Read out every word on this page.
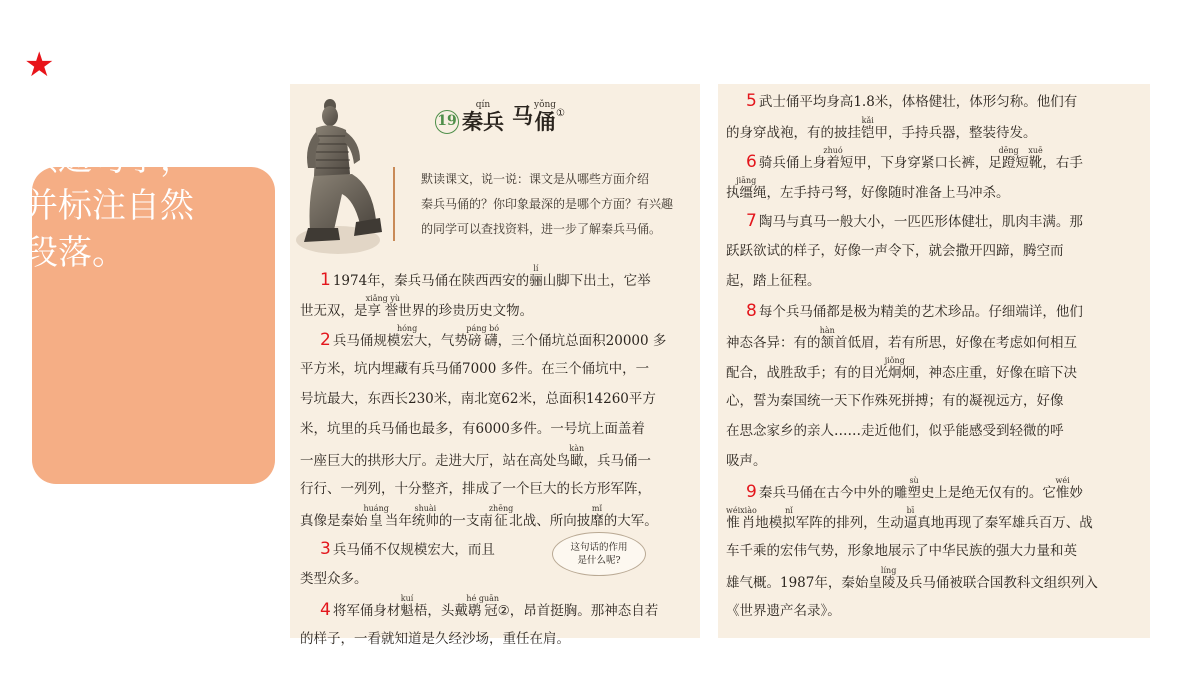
★默读课文，
读准字音，
读通句子，
并标注自然
段落。
19 秦兵qín 马 俑yǒng
①

默读课文，说一说：课文是从哪些方面介绍

秦兵马俑的？你印象最深的是哪个方面？有兴趣

的同学可以查找资料，进一步了解秦兵马俑。

1 1974年，秦兵马俑在陕西西安的骊lí山脚下出土，它举

世无双，是享誉xiǎng yù世界的珍贵历史文物。

2 兵马俑规模宏hóng大，气势磅礴páng bó，三个俑坑总面积20000 多

平方米，坑内埋藏有兵马俑7000 多件。在三个俑坑中，一

号坑最大，东西长230米，南北宽62米，总面积14260平方

米，坑里的兵马俑也最多，有6000多件。一号坑上面盖着

一座巨大的拱形大厅。走进大厅，站在高处鸟瞰kàn，兵马俑一

行行、一列列，十分整齐，排成了一个巨大的长方形军阵，

真像是秦始皇huáng当年统帅shuài的一支南征zhēng北战、所向披靡mǐ的大军。

3 兵马俑不仅规模宏大，而且

类型众多。

4 将军俑身材魁kuí梧，头戴鹖冠hé guān②，昂首挺胸。那神态自若

的样子，一看就知道是久经沙场，重任在肩。

这句话的作用
是什么呢?

5 武士俑平均身高1.8米，体格健壮，体形匀称。他们有

的身穿战袍，有的披挂铠kǎi甲，手持兵器，整装待发。

6 骑兵俑上身着zhuó短甲，下身穿紧口长裤，足蹬dēng短靴xuē，右手

执缰jiāng绳，左手持弓弩，好像随时准备上马冲杀。

7 陶马与真马一般大小，一匹匹形体健壮，肌肉丰满。那

跃跃欲试的样子，好像一声令下，就会撒开四蹄，腾空而

起，踏上征程。

8 每个兵马俑都是极为精美的艺术珍品。仔细端详，他们

神态各异：有的颔hàn首低眉，若有所思，好像在考虑如何相互

配合，战胜敌手；有的目光炯jiǒng炯，神态庄重，好像在暗下决

心，誓为秦国统一天下作殊死拼搏；有的凝视远方，好像

在思念家乡的亲人……走近他们，似乎能感受到轻微的呼

吸声。

9 秦兵马俑在古今中外的雕塑sù史上是绝无仅有的。它惟wéi妙

惟wéi肖xiào地模拟nǐ军阵的排列，生动逼bī真地再现了秦军雄兵百万、战

车千乘的宏伟气势，形象地展示了中华民族的强大力量和英

雄气概。1987年，秦始皇陵líng及兵马俑被联合国教科文组织列入

《世界遗产名录》。
